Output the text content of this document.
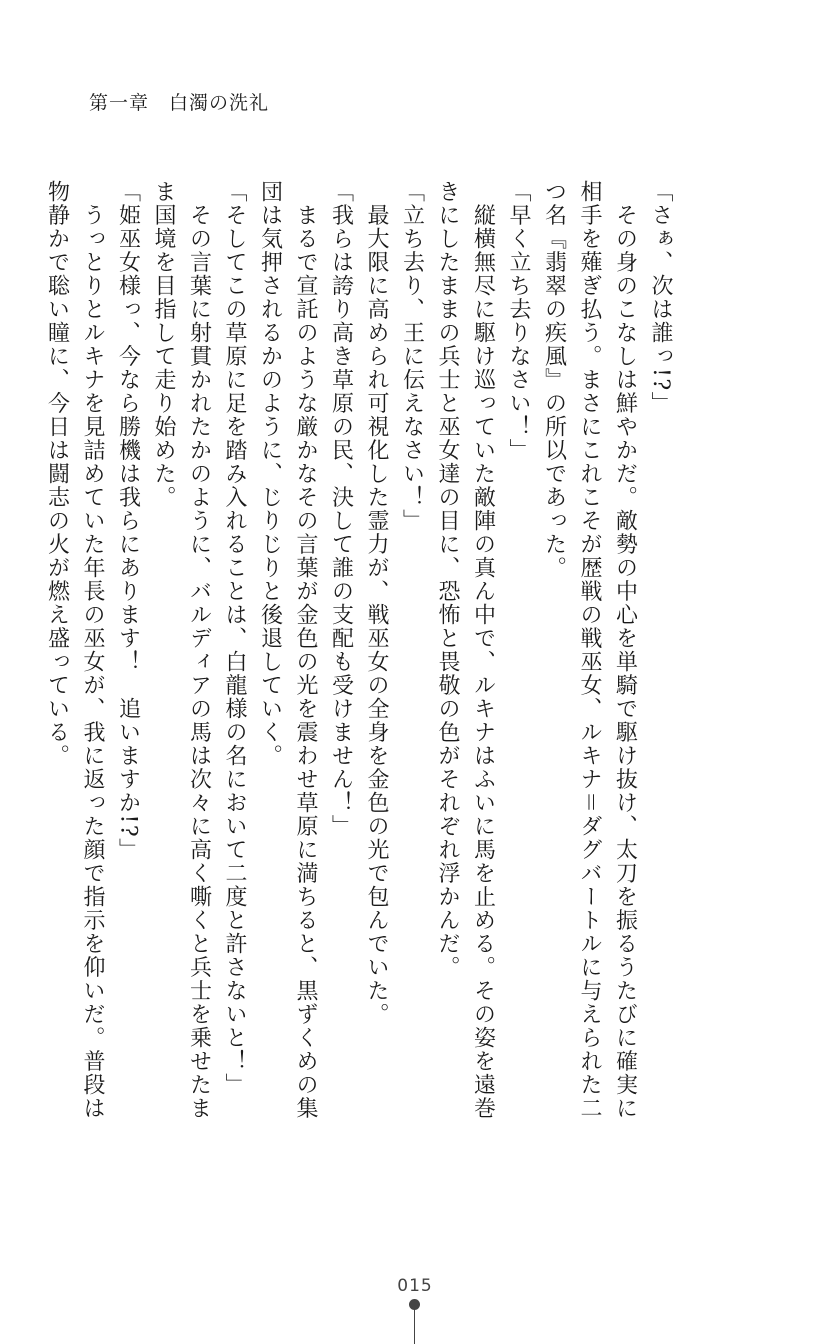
第一章　白濁の洗礼
「さぁ、次は誰っ!?」
　その身のこなしは鮮やかだ。敵勢の中心を単騎で駆け抜け、太刀を振るうたびに確実に
相手を薙ぎ払う。まさにこれこそが歴戦の戦巫女、ルキナ＝ダグバートルに与えられた二
つ名『翡翠の疾風』の所以であった。
「早く立ち去りなさい！」
　縦横無尽に駆け巡っていた敵陣の真ん中で、ルキナはふいに馬を止める。その姿を遠巻
きにしたままの兵士と巫女達の目に、恐怖と畏敬の色がそれぞれ浮かんだ。
「立ち去り、王に伝えなさい！」
　最大限に高められ可視化した霊力が、戦巫女の全身を金色の光で包んでいた。
「我らは誇り高き草原の民、決して誰の支配も受けません！」
　まるで宣託のような厳かなその言葉が金色の光を震わせ草原に満ちると、黒ずくめの集
団は気押されるかのように、じりじりと後退していく。
「そしてこの草原に足を踏み入れることは、白龍様の名において二度と許さないと！」
　その言葉に射貫かれたかのように、バルディアの馬は次々に高く嘶くと兵士を乗せたま
ま国境を目指して走り始めた。
「姫巫女様っ、今なら勝機は我らにあります！　追いますか!?」
　うっとりとルキナを見詰めていた年長の巫女が、我に返った顔で指示を仰いだ。普段は
物静かで聡い瞳に、今日は闘志の火が燃え盛っている。
015
